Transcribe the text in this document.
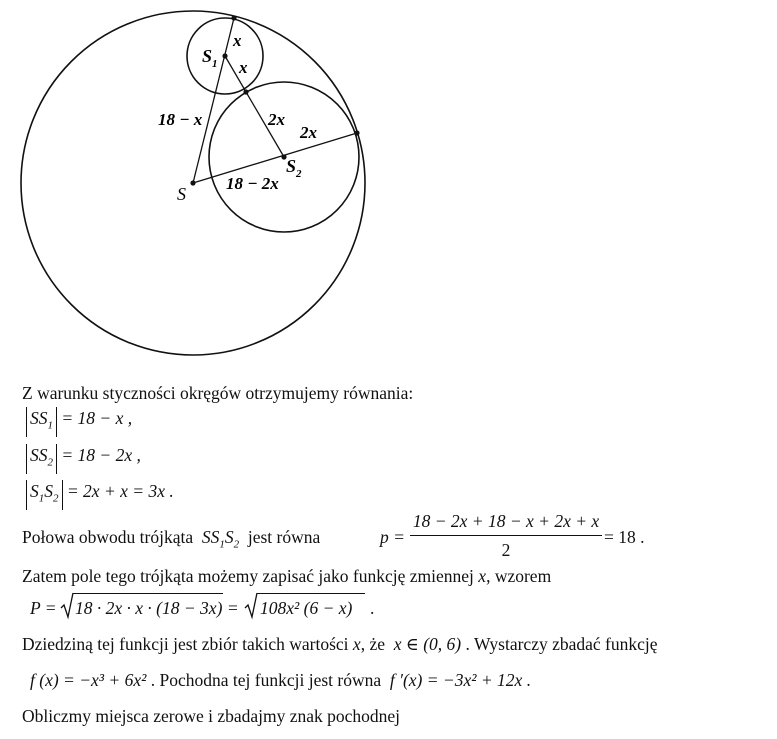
x
$S_1$ x
18 − x	2x
2x
$S_2$
18 − 2x
S
Z warunku styczności okręgów otrzymujemy równania:
$SS_1 = 18 - x$ ,
$SS_2 = 18 - 2x$ ,
$S_1S_2 = 2x + x = 3x$ .
Połowa obwodu trójkąta $SS_1S_2$ jest równa	p =
18 − 2x + 18 − x + 2x + x
2
= 18 .
Zatem pole tego trójkąta możemy zapisać jako funkcję zmiennej x, wzorem
P = 18 · 2x · x · (18 − 3x) = 108x² (6 − x) .
Dziedziną tej funkcji jest zbiór takich wartości x, że x ∈ (0, 6) . Wystarczy zbadać funkcję
f (x) = −x³ + 6x² . Pochodna tej funkcji jest równa f ′(x) = −3x² + 12x .
Obliczmy miejsca zerowe i zbadajmy znak pochodnej
